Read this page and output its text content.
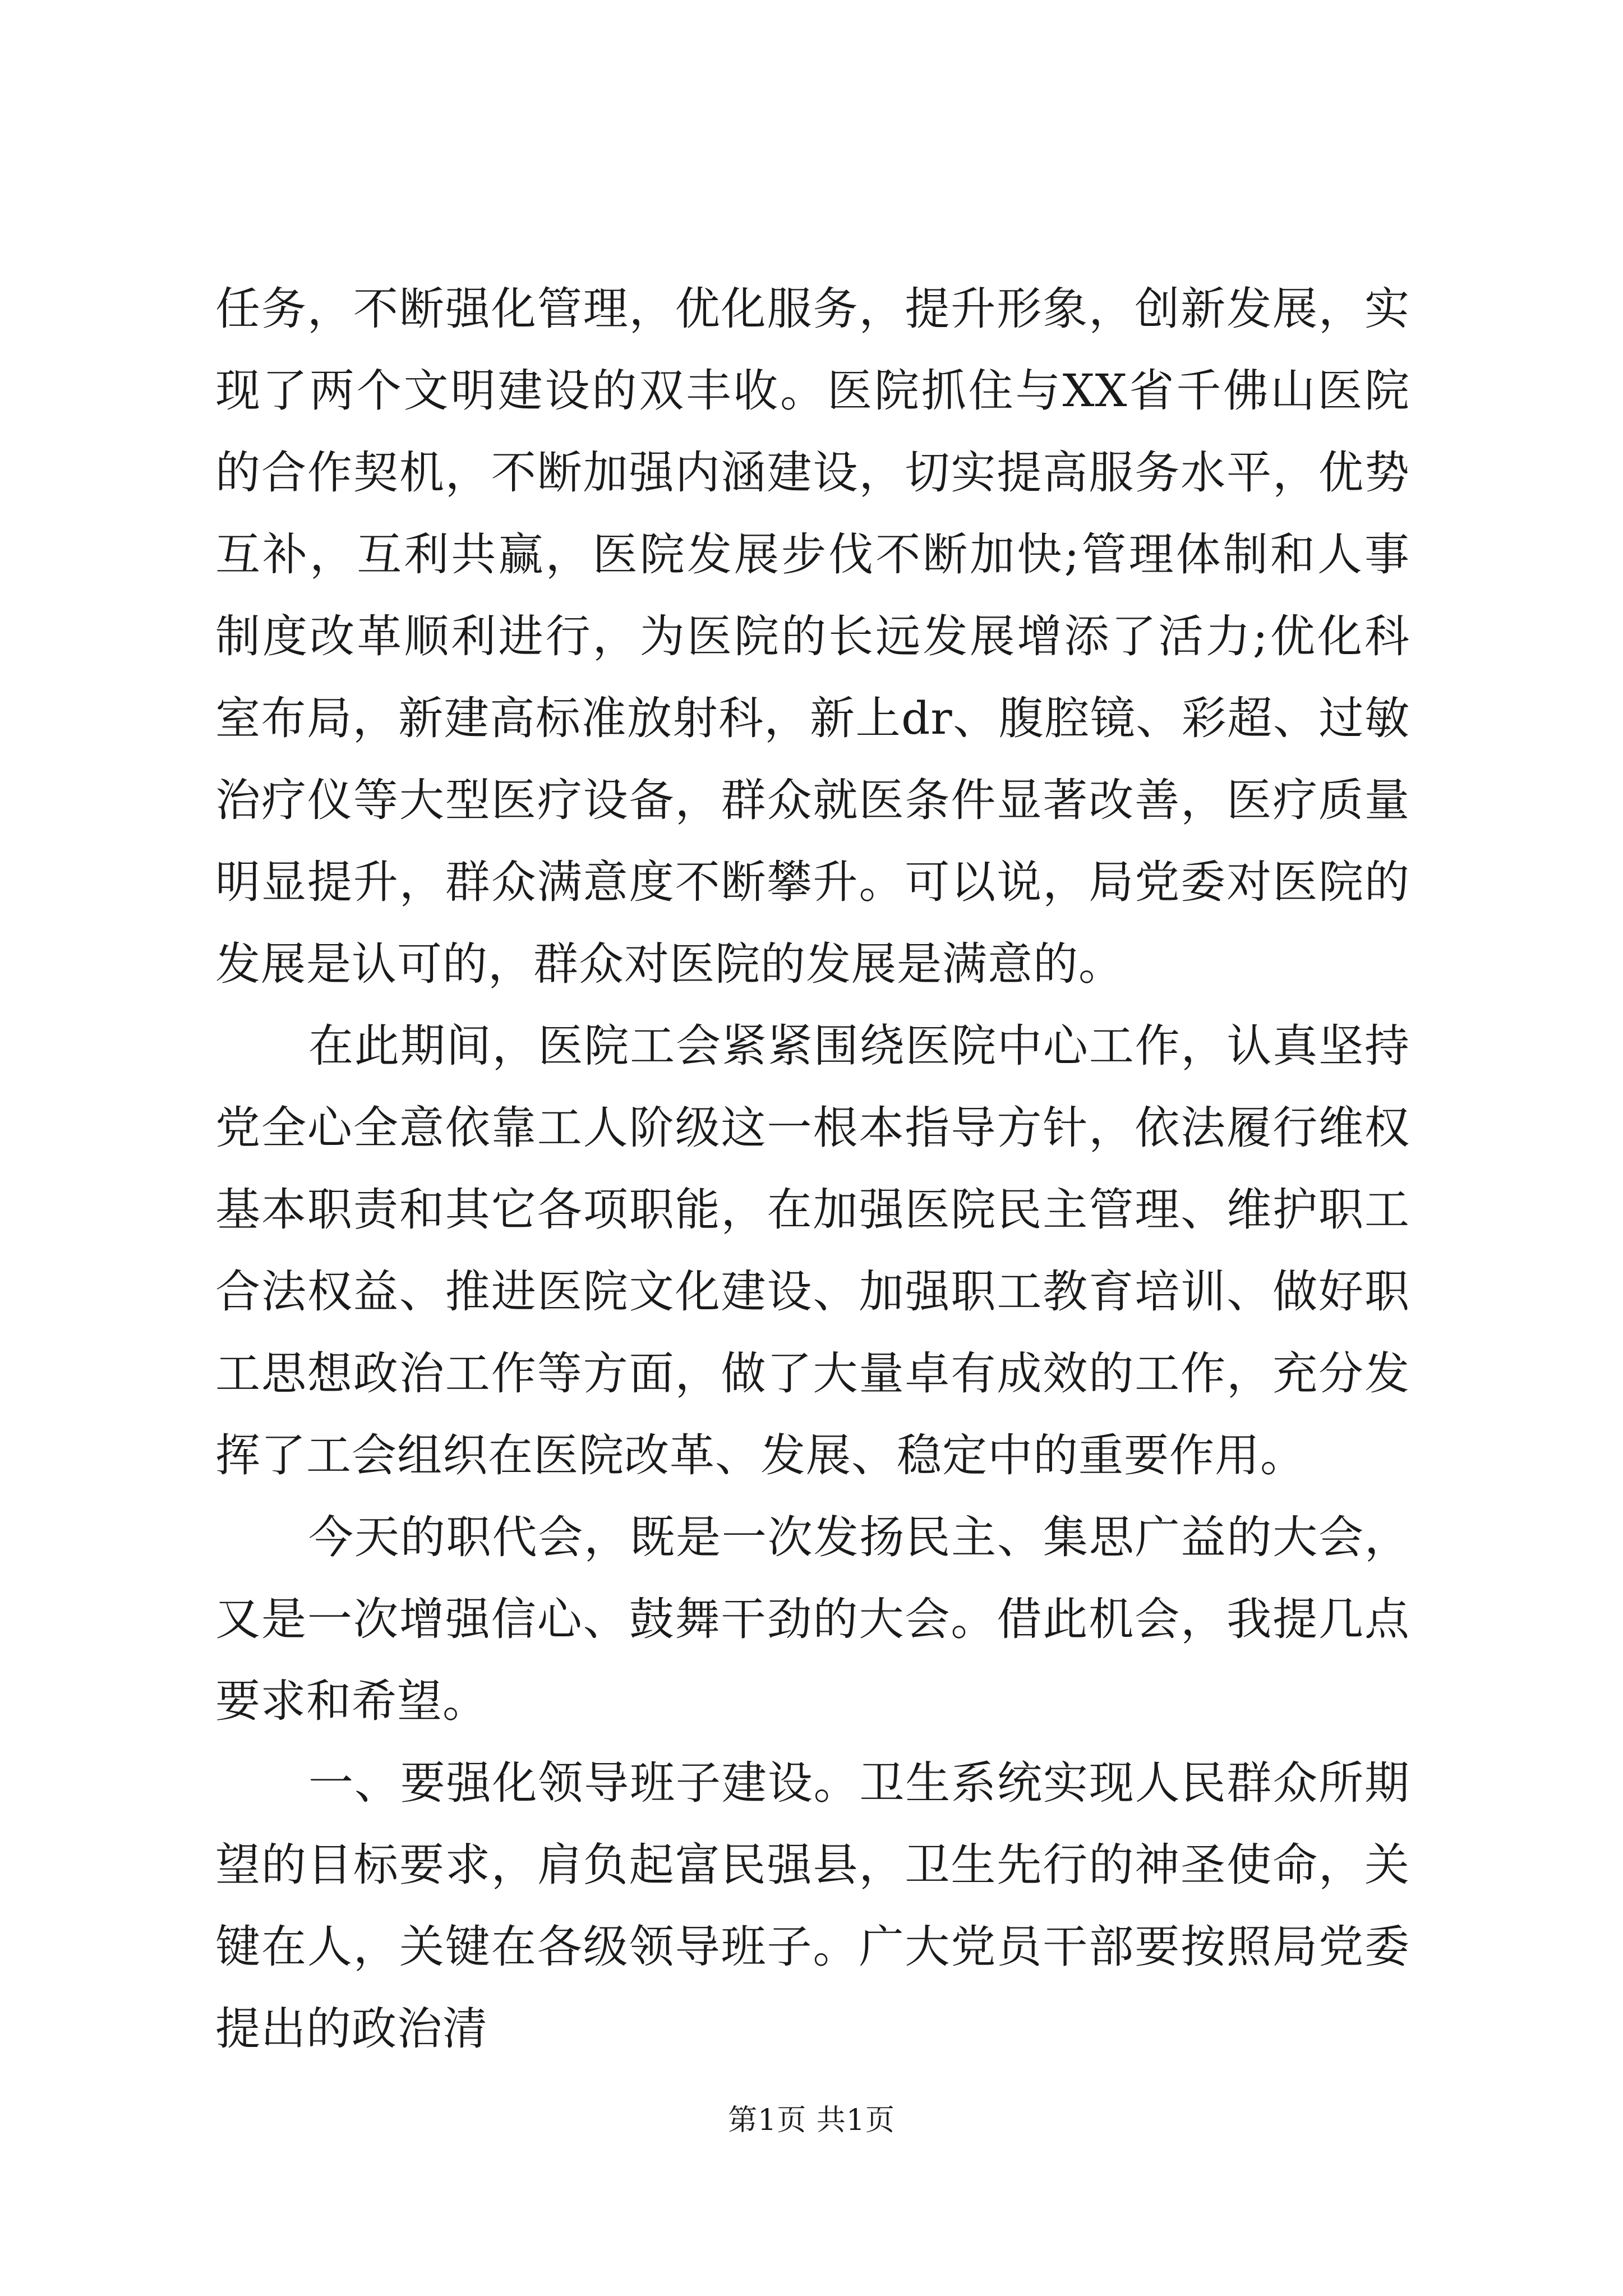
任务，不断强化管理，优化服务，提升形象，创新发展，实现了两个文明建设的双丰收。医院抓住与XX省千佛山医院的合作契机，不断加强内涵建设，切实提高服务水平，优势互补，互利共赢，医院发展步伐不断加快;管理体制和人事制度改革顺利进行，为医院的长远发展增添了活力;优化科室布局，新建高标准放射科，新上dr、腹腔镜、彩超、过敏治疗仪等大型医疗设备，群众就医条件显著改善，医疗质量明显提升，群众满意度不断攀升。可以说，局党委对医院的发展是认可的，群众对医院的发展是满意的。

在此期间，医院工会紧紧围绕医院中心工作，认真坚持党全心全意依靠工人阶级这一根本指导方针，依法履行维权基本职责和其它各项职能，在加强医院民主管理、维护职工合法权益、推进医院文化建设、加强职工教育培训、做好职工思想政治工作等方面，做了大量卓有成效的工作，充分发挥了工会组织在医院改革、发展、稳定中的重要作用。

今天的职代会，既是一次发扬民主、集思广益的大会，又是一次增强信心、鼓舞干劲的大会。借此机会，我提几点要求和希望。

一、要强化领导班子建设。卫生系统实现人民群众所期望的目标要求，肩负起富民强县，卫生先行的神圣使命，关键在人，关键在各级领导班子。广大党员干部要按照局党委提出的政治清

第1页 共1页
